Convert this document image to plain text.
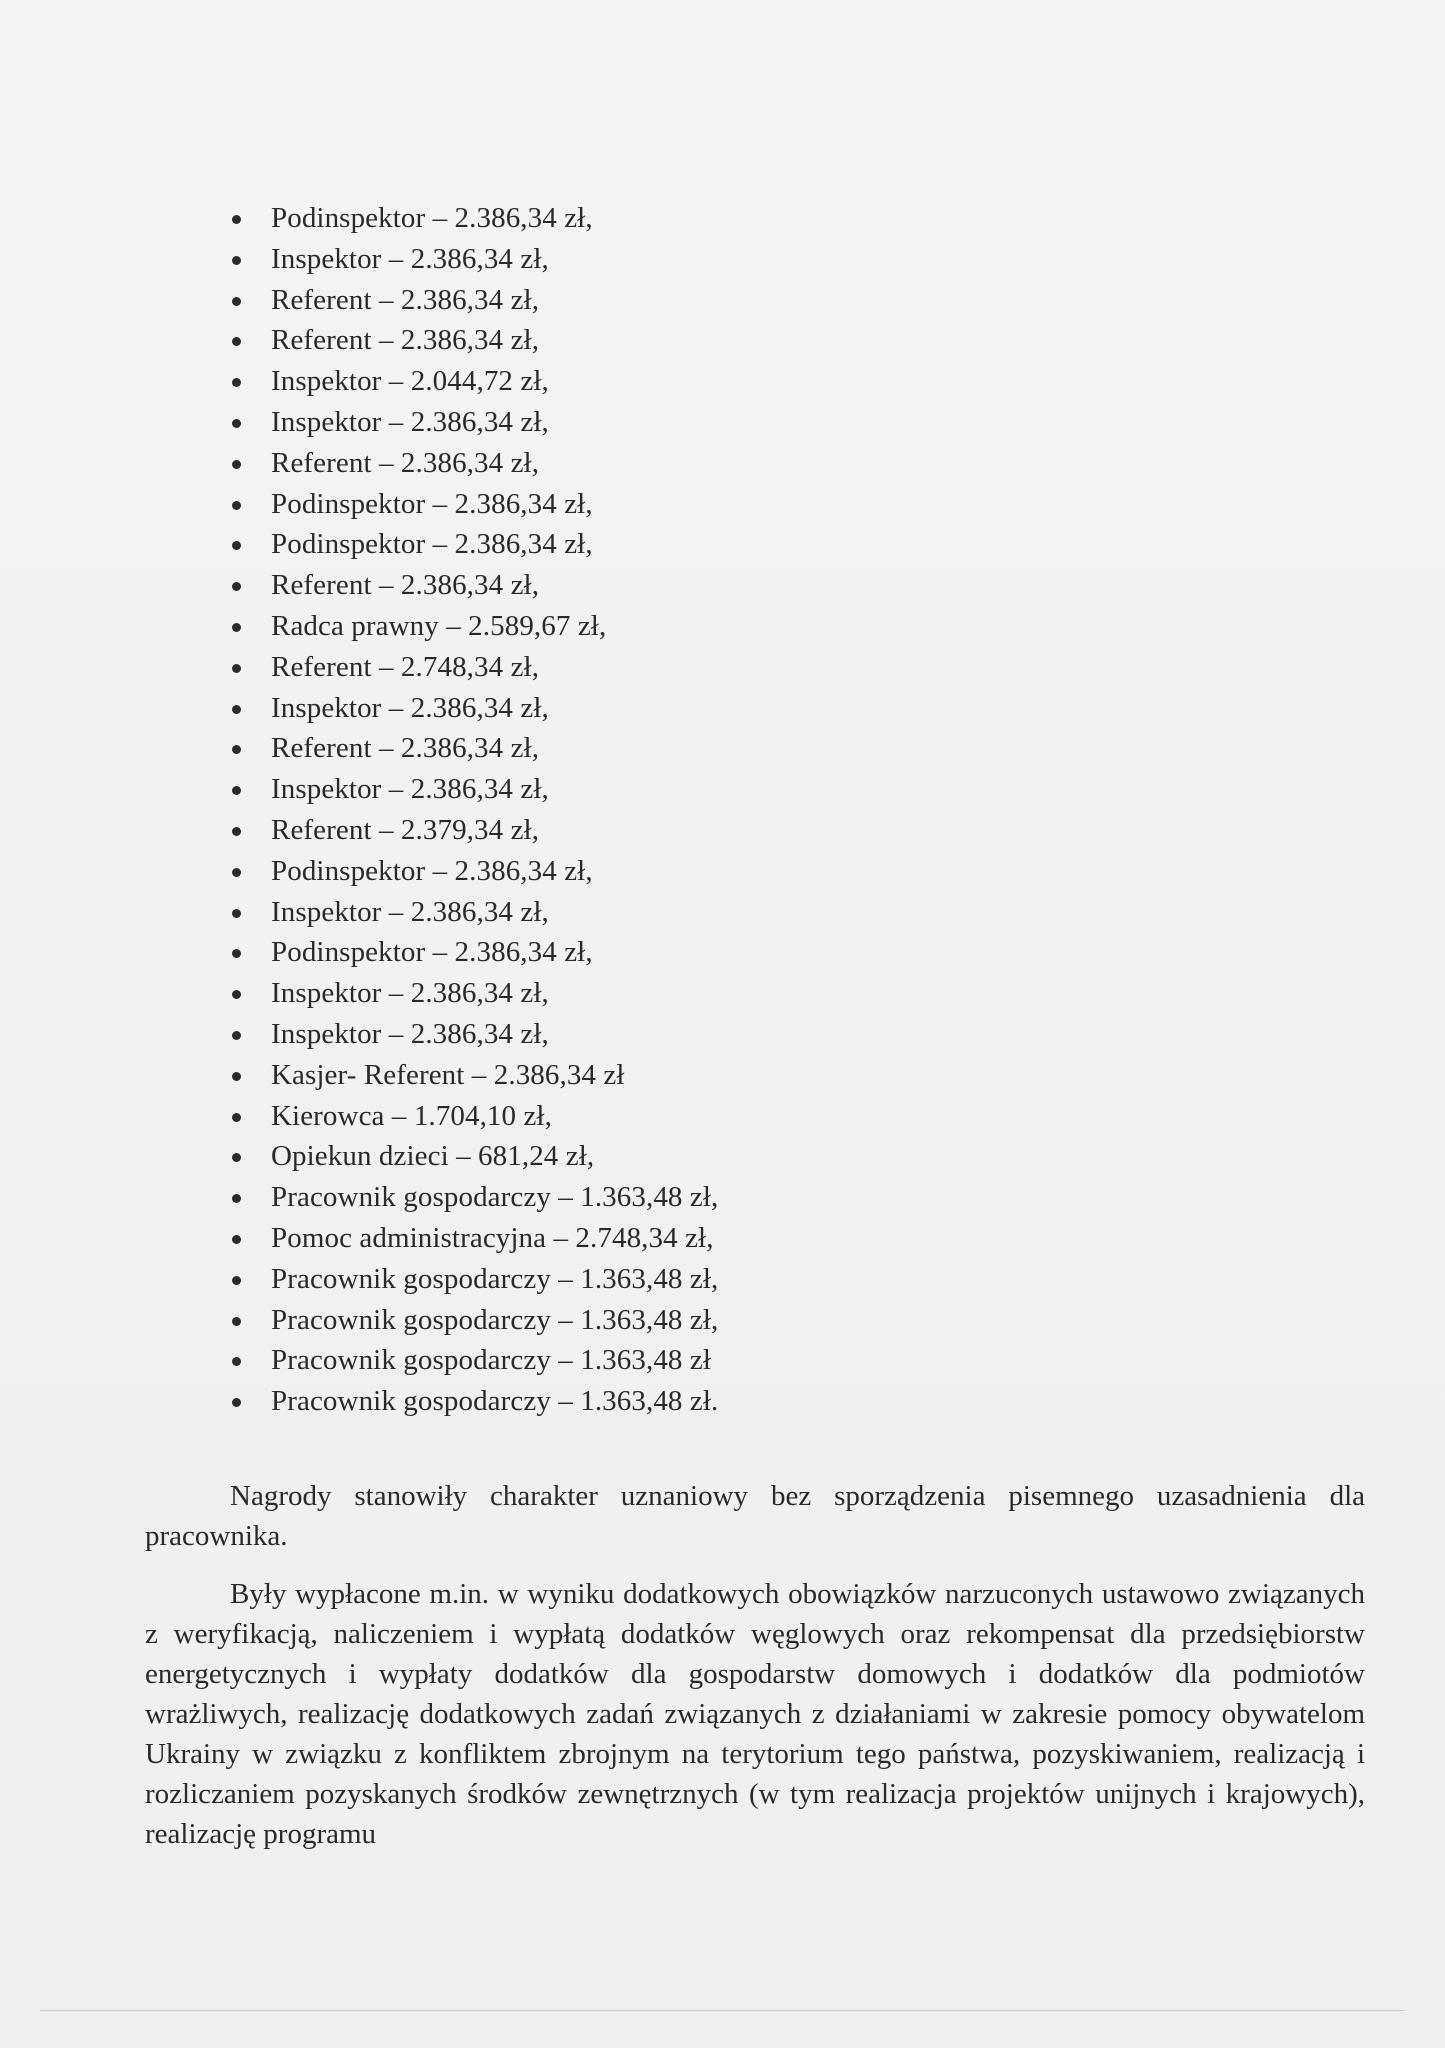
Podinspektor – 2.386,34 zł,
Inspektor – 2.386,34 zł,
Referent – 2.386,34 zł,
Referent – 2.386,34 zł,
Inspektor – 2.044,72 zł,
Inspektor – 2.386,34 zł,
Referent – 2.386,34 zł,
Podinspektor – 2.386,34 zł,
Podinspektor – 2.386,34 zł,
Referent – 2.386,34 zł,
Radca prawny – 2.589,67 zł,
Referent – 2.748,34 zł,
Inspektor – 2.386,34 zł,
Referent – 2.386,34 zł,
Inspektor – 2.386,34 zł,
Referent – 2.379,34 zł,
Podinspektor – 2.386,34 zł,
Inspektor – 2.386,34 zł,
Podinspektor – 2.386,34 zł,
Inspektor – 2.386,34 zł,
Inspektor – 2.386,34 zł,
Kasjer- Referent – 2.386,34 zł
Kierowca – 1.704,10 zł,
Opiekun dzieci – 681,24 zł,
Pracownik gospodarczy – 1.363,48 zł,
Pomoc administracyjna – 2.748,34 zł,
Pracownik gospodarczy – 1.363,48 zł,
Pracownik gospodarczy – 1.363,48 zł,
Pracownik gospodarczy – 1.363,48 zł
Pracownik gospodarczy – 1.363,48 zł.

Nagrody stanowiły charakter uznaniowy bez sporządzenia pisemnego uzasadnienia dla pracownika.

Były wypłacone m.in. w wyniku dodatkowych obowiązków narzuconych ustawowo związanych z weryfikacją, naliczeniem i wypłatą dodatków węglowych oraz rekompensat dla przedsiębiorstw energetycznych i wypłaty dodatków dla gospodarstw domowych i dodatków dla podmiotów wrażliwych, realizację dodatkowych zadań związanych z działaniami w zakresie pomocy obywatelom Ukrainy w związku z konfliktem zbrojnym na terytorium tego państwa, pozyskiwaniem, realizacją i rozliczaniem pozyskanych środków zewnętrznych (w tym realizacja projektów unijnych i krajowych), realizację programu
